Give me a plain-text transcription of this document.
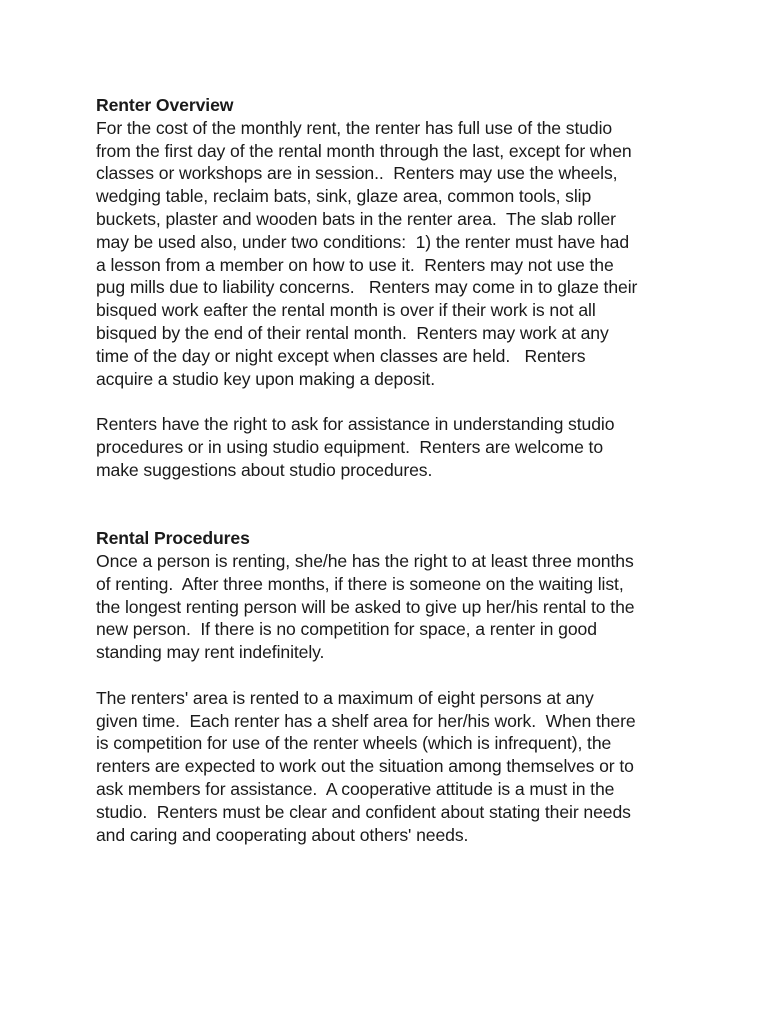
Renter Overview
For the cost of the monthly rent, the renter has full use of the studio
from the first day of the rental month through the last, except for when
classes or workshops are in session..  Renters may use the wheels,
wedging table, reclaim bats, sink, glaze area, common tools, slip
buckets, plaster and wooden bats in the renter area.  The slab roller
may be used also, under two conditions:  1) the renter must have had
a lesson from a member on how to use it.  Renters may not use the
pug mills due to liability concerns.   Renters may come in to glaze their
bisqued work eafter the rental month is over if their work is not all
bisqued by the end of their rental month.  Renters may work at any
time of the day or night except when classes are held.   Renters
acquire a studio key upon making a deposit.
Renters have the right to ask for assistance in understanding studio
procedures or in using studio equipment.  Renters are welcome to
make suggestions about studio procedures.
Rental Procedures
Once a person is renting, she/he has the right to at least three months
of renting.  After three months, if there is someone on the waiting list,
the longest renting person will be asked to give up her/his rental to the
new person.  If there is no competition for space, a renter in good
standing may rent indefinitely.
The renters' area is rented to a maximum of eight persons at any
given time.  Each renter has a shelf area for her/his work.  When there
is competition for use of the renter wheels (which is infrequent), the
renters are expected to work out the situation among themselves or to
ask members for assistance.  A cooperative attitude is a must in the
studio.  Renters must be clear and confident about stating their needs
and caring and cooperating about others' needs.
